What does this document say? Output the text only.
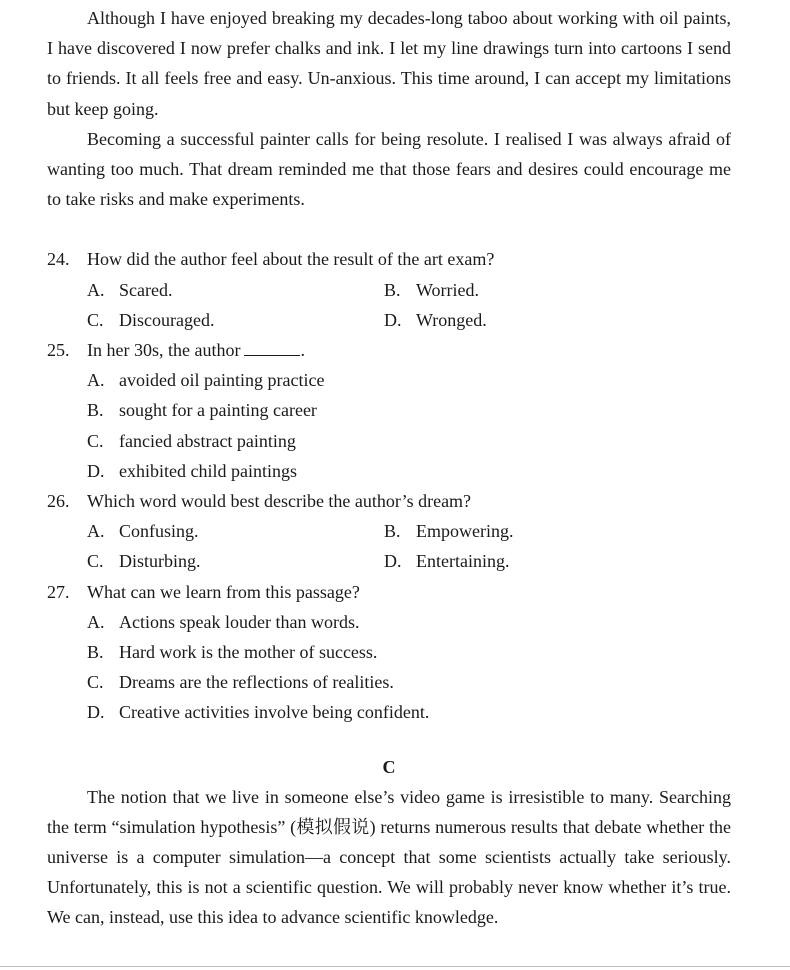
Although I have enjoyed breaking my decades-long taboo about working with oil paints, I have discovered I now prefer chalks and ink. I let my line drawings turn into cartoons I send to friends. It all feels free and easy. Un-anxious. This time around, I can accept my limitations but keep going.

Becoming a successful painter calls for being resolute. I realised I was always afraid of wanting too much. That dream reminded me that those fears and desires could encourage me to take risks and make experiments.

24. How did the author feel about the result of the art exam?

A. Scared.	B. Worried.
C. Discouraged.	D. Wronged.

25. In her 30s, the author	.

A. avoided oil painting practice
B. sought for a painting career
C. fancied abstract painting
D. exhibited child paintings

26. Which word would best describe the author’s dream?

A. Confusing.	B. Empowering.
C. Disturbing.	D. Entertaining.

27. What can we learn from this passage?

A. Actions speak louder than words.
B. Hard work is the mother of success.
C. Dreams are the reflections of realities.
D. Creative activities involve being confident.

C

The notion that we live in someone else’s video game is irresistible to many. Searching the term “simulation hypothesis” (模拟假说) returns numerous results that debate whether the universe is a computer simulation—a concept that some scientists actually take seriously. Unfortunately, this is not a scientific question. We will probably never know whether it’s true. We can, instead, use this idea to advance scientific knowledge.
